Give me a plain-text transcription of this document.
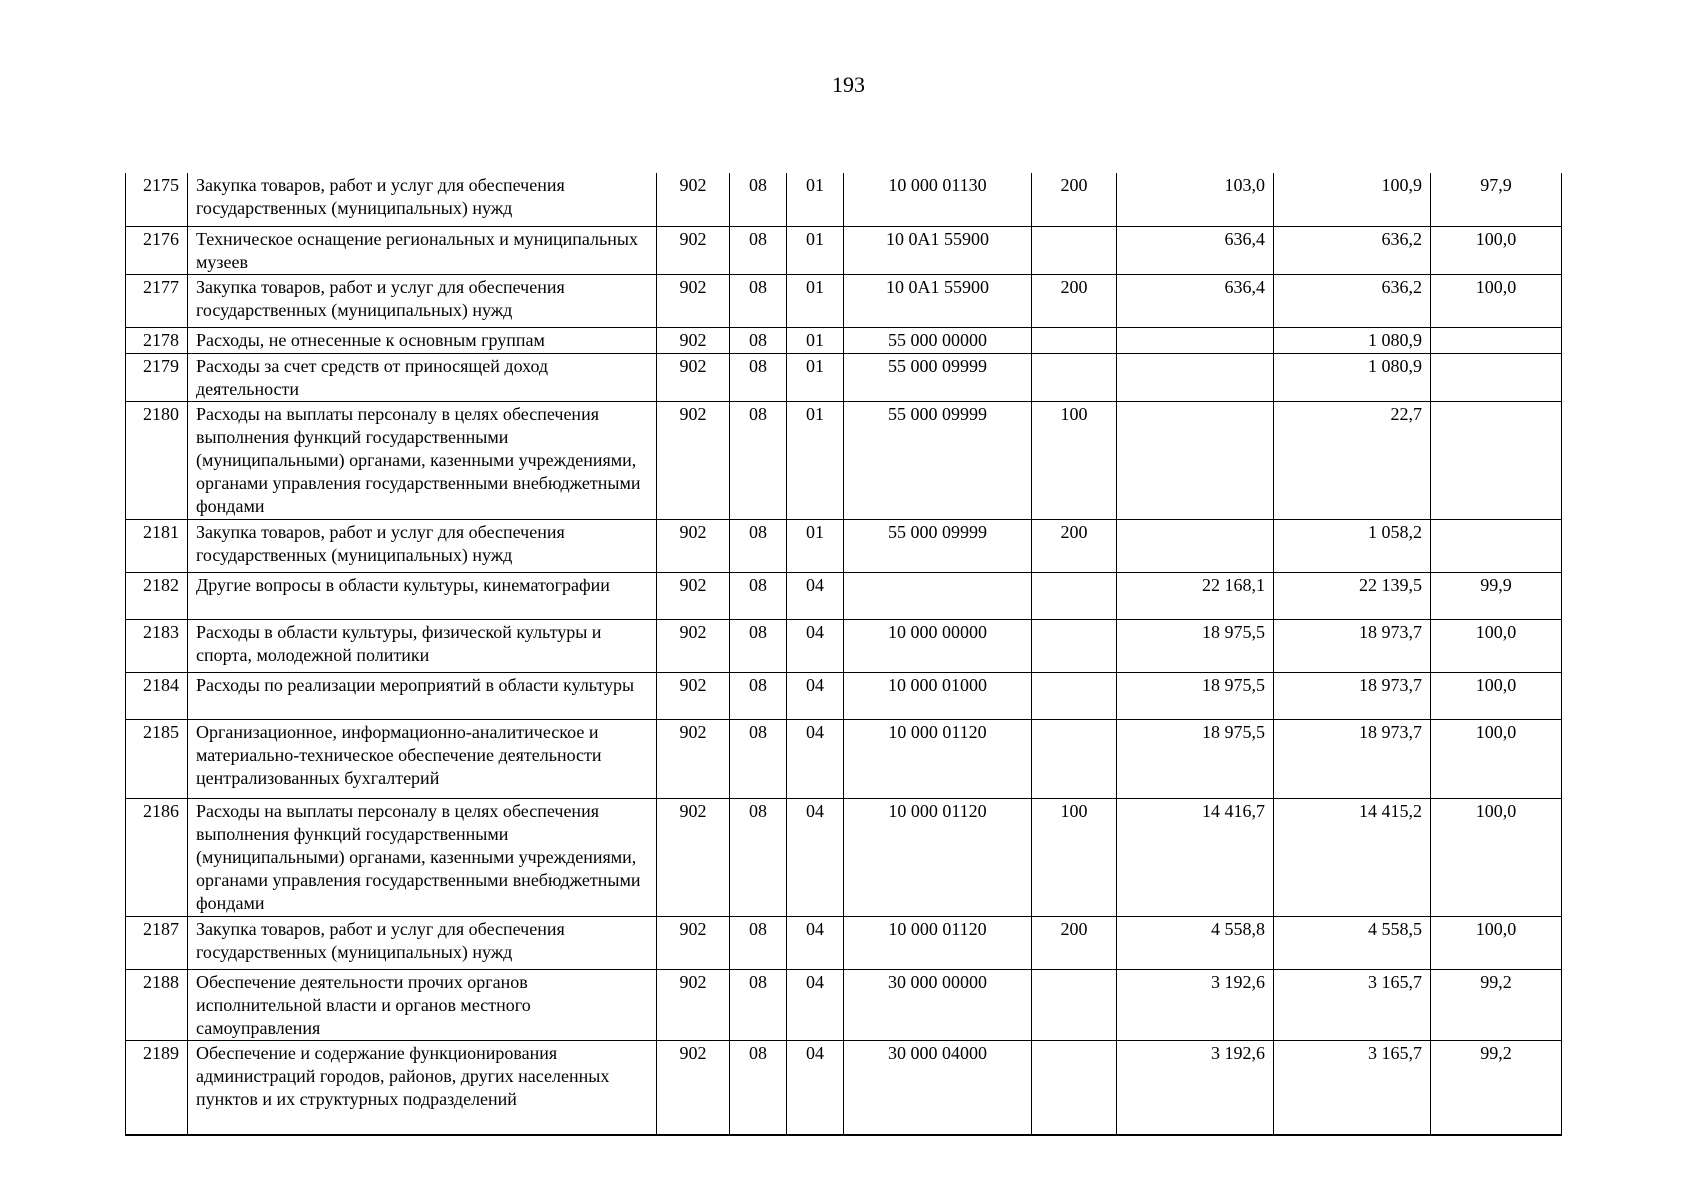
193
2175	Закупка товаров, работ и услуг для обеспечения государственных (муниципальных) нужд	902	08	01	10 000 01130	200	103,0	100,9	97,9
2176	Техническое оснащение региональных и муниципальных музеев	902	08	01	10 0A1 55900		636,4	636,2	100,0
2177	Закупка товаров, работ и услуг для обеспечения государственных (муниципальных) нужд	902	08	01	10 0A1 55900	200	636,4	636,2	100,0
2178	Расходы, не отнесенные к основным группам	902	08	01	55 000 00000			1 080,9	
2179	Расходы за счет средств от приносящей доход деятельности	902	08	01	55 000 09999			1 080,9	
2180	Расходы на выплаты персоналу в целях обеспечения выполнения функций государственными (муниципальными) органами, казенными учреждениями, органами управления государственными внебюджетными фондами	902	08	01	55 000 09999	100		22,7	
2181	Закупка товаров, работ и услуг для обеспечения государственных (муниципальных) нужд	902	08	01	55 000 09999	200		1 058,2	
2182	Другие вопросы в области культуры, кинематографии	902	08	04			22 168,1	22 139,5	99,9
2183	Расходы в области культуры, физической культуры и спорта, молодежной политики	902	08	04	10 000 00000		18 975,5	18 973,7	100,0
2184	Расходы по реализации мероприятий в области культуры	902	08	04	10 000 01000		18 975,5	18 973,7	100,0
2185	Организационное, информационно-аналитическое и материально-техническое обеспечение деятельности централизованных бухгалтерий	902	08	04	10 000 01120		18 975,5	18 973,7	100,0
2186	Расходы на выплаты персоналу в целях обеспечения выполнения функций государственными (муниципальными) органами, казенными учреждениями, органами управления государственными внебюджетными фондами	902	08	04	10 000 01120	100	14 416,7	14 415,2	100,0
2187	Закупка товаров, работ и услуг для обеспечения государственных (муниципальных) нужд	902	08	04	10 000 01120	200	4 558,8	4 558,5	100,0
2188	Обеспечение деятельности прочих органов исполнительной власти и органов местного самоуправления	902	08	04	30 000 00000		3 192,6	3 165,7	99,2
2189	Обеспечение и содержание функционирования администраций городов, районов, других населенных пунктов и их структурных подразделений	902	08	04	30 000 04000		3 192,6	3 165,7	99,2
